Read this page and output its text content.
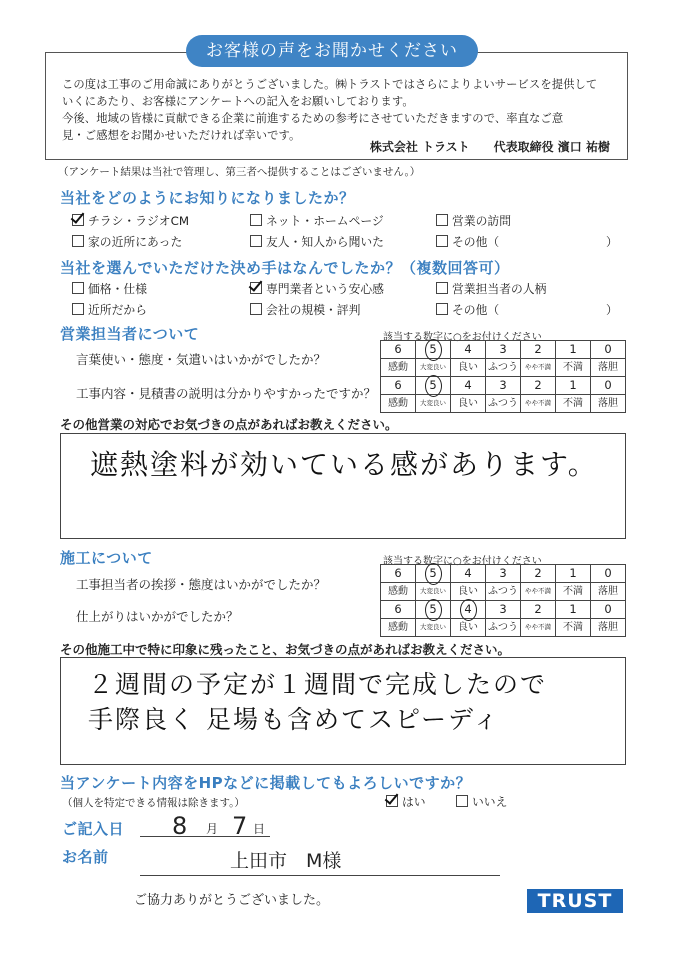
お客様の声をお聞かせください
この度は工事のご用命誠にありがとうございました。㈱トラストではさらによりよいサービスを提供して
いくにあたり、お客様にアンケートへの記入をお願いしております。
今後、地域の皆様に貢献できる企業に前進するための参考にさせていただきますので、率直なご意
見・ご感想をお聞かせいただければ幸いです。
株式会社 トラスト　　代表取締役 濱口 祐樹
（アンケート結果は当社で管理し、第三者へ提供することはございません。）
当社をどのようにお知りになりましたか？
チラシ・ラジオCM	ネット・ホームページ	営業の訪問
家の近所にあった	友人・知人から聞いた	その他（	）
当社を選んでいただけた決め手はなんでしたか？（複数回答可）
価格・仕様	専門業者という安心感	営業担当者の人柄
近所だから	会社の規模・評判	その他（	）
営業担当者について	該当する数字に○をお付けください
言葉使い・態度・気遣いはいかがでしたか？
工事内容・見積書の説明は分かりやすかったですか？
6	5	4	3	2	1	0
感動	大変良い	良い	ふつう	やや不満	不満	落胆
6	5	4	3	2	1	0
感動	大変良い	良い	ふつう	やや不満	不満	落胆
その他営業の対応でお気づきの点があればお教えください。
遮熱塗料が効いている感があります。
施工について	該当する数字に○をお付けください
工事担当者の挨拶・態度はいかがでしたか？
仕上がりはいかがでしたか？
6	5	4	3	2	1	0
感動	大変良い	良い	ふつう	やや不満	不満	落胆
6	5	4	3	2	1	0
感動	大変良い	良い	ふつう	やや不満	不満	落胆
その他施工中で特に印象に残ったこと、お気づきの点があればお教えください。
２週間の予定が１週間で完成したので
手際良く 足場も含めてスピーディ
当アンケート内容をHPなどに掲載してもよろしいですか？
（個人を特定できる情報は除きます。）	はい	いいえ
ご記入日 8 月 7 日
お名前	上田市　M様
ご協力ありがとうございました。	TRUST
